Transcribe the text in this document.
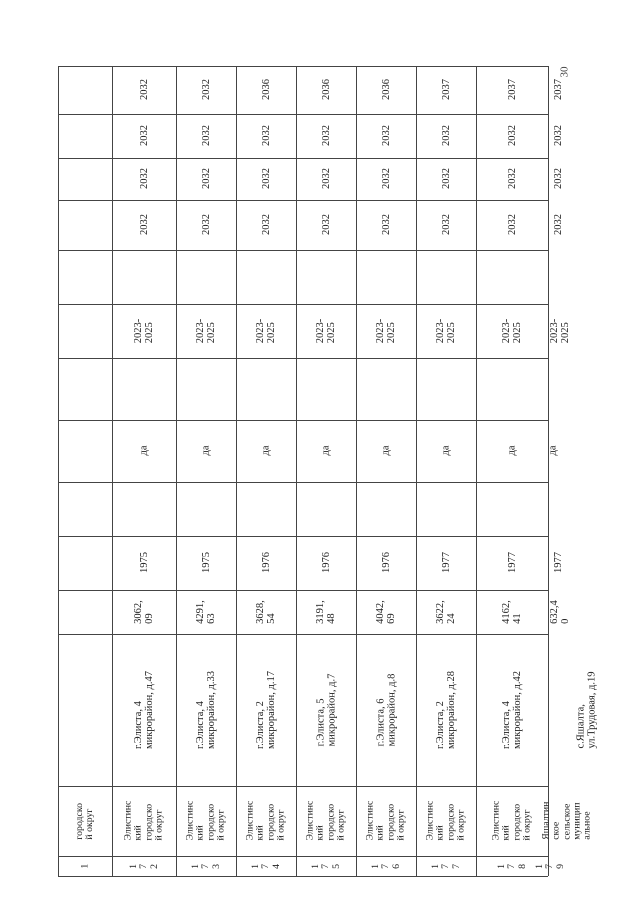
городско
й округ
1
2032
2032
2032
2032
2023-
2025
да
1975
3062,
09
г.Элиста, 4
микрорайон, д.47
Элистинс
кий
городско
й округ
1
7
2
2032
2032
2032
2032
2023-
2025
да
1975
4291,
63
г.Элиста, 4
микрорайон, д.33
Элистинс
кий
городско
й округ
1
7
3
2036
2032
2032
2032
2023-
2025
да
1976
3628,
54
г.Элиста, 2
микрорайон, д.17
Элистинс
кий
городско
й округ
1
7
4
2036
2032
2032
2032
2023-
2025
да
1976
3191,
48
г.Элиста, 5
микрорайон, д.7
Элистинс
кий
городско
й округ
1
7
5
2036
2032
2032
2032
2023-
2025
да
1976
4042,
69
г.Элиста, 6
микрорайон, д.8
Элистинс
кий
городско
й округ
1
7
6
2037
2032
2032
2032
2023-
2025
да
1977
3622,
24
г.Элиста, 2
микрорайон, д.28
Элистинс
кий
городско
й округ
1
7
7
2037
2032
2032
2032
2023-
2025
да
1977
4162,
41
г.Элиста, 4
микрорайон, д.42
Элистинс
кий
городско
й округ
1
7
8
2037
2032
2032
2032
2023-
2025
да
1977
632,4
0
с.Яшалта,
ул.Трудовая, д.19
Яшалтин
ское
сельское
муницип
альное
1
7
9
30
